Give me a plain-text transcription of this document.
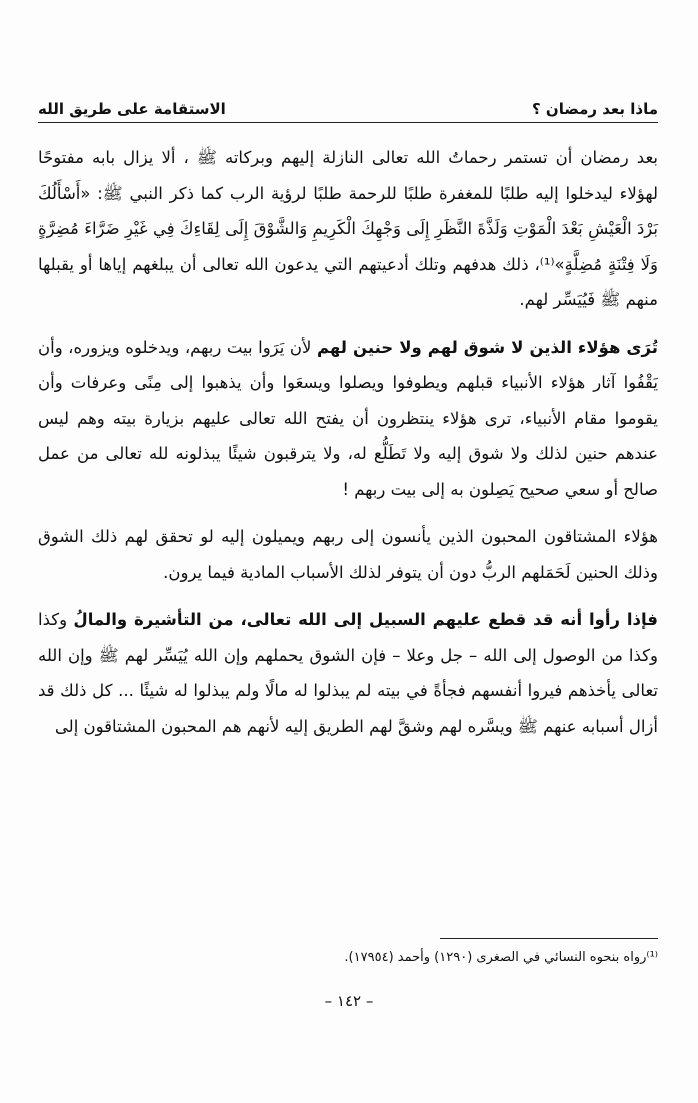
ماذا بعد رمضان ؟
الاستقامة على طريق الله

بعد رمضان أن تستمر رحماتُ الله تعالى النازلة إليهم وبركاته ﷺ ، ألا يزال بابه مفتوحًا لهؤلاء ليدخلوا إليه طلبًا للمغفرة طلبًا للرحمة طلبًا لرؤية الرب كما ذكر النبي ﷺ: «أَسْأَلُكَ بَرْدَ الْعَيْشِ بَعْدَ الْمَوْتِ وَلَذَّةَ النَّظَرِ إِلَى وَجْهِكَ الْكَرِيمِ وَالشَّوْقَ إِلَى لِقَاءِكَ فِي غَيْرِ ضَرَّاءَ مُضِرَّةٍ وَلَا فِتْنَةٍ مُضِلَّةٍ»⁽¹⁾، ذلك هدفهم وتلك أدعيتهم التي يدعون الله تعالى أن يبلغهم إياها أو يقبلها منهم ﷺ فَيُيَسِّر لهم.

تُرَى هؤلاء الذين لا شوق لهم ولا حنين لهم لأن يَرَوا بيت ربهم، ويدخلوه ويزوره، وأن يَقْفُوا آثار هؤلاء الأنبياء قبلهم ويطوفوا ويصلوا ويسعَوا وأن يذهبوا إلى مِنًى وعرفات وأن يقوموا مقام الأنبياء، ترى هؤلاء ينتظرون أن يفتح الله تعالى عليهم بزيارة بيته وهم ليس عندهم حنين لذلك ولا شوق إليه ولا تَطَلُّع له، ولا يترقبون شيئًا يبذلونه لله تعالى من عمل صالح أو سعي صحيح يَصِلون به إلى بيت ربهم !

هؤلاء المشتاقون المحبون الذين يأنسون إلى ربهم ويميلون إليه لو تحقق لهم ذلك الشوق وذلك الحنين لَحَمَلهم الربُّ دون أن يتوفر لذلك الأسباب المادية فيما يرون.

فإذا رأوا أنه قد قطع عليهم السبيل إلى الله تعالى، من التأشيرة والمالُ وكذا وكذا من الوصول إلى الله – جل وعلا – فإن الشوق يحملهم وإن الله يُيَسِّر لهم ﷺ وإن الله تعالى يأخذهم فيروا أنفسهم فجأةً في بيته لم يبذلوا له مالًا ولم يبذلوا له شيئًا ... كل ذلك قد أزال أسبابه عنهم ﷺ ويسَّره لهم وشقَّ لهم الطريق إليه لأنهم هم المحبون المشتاقون إلى

⁽¹⁾رواه بنحوه النسائي في الصغرى (١٢٩٠) وأحمد (١٧٩٥٤).
– ١٤٢ –
